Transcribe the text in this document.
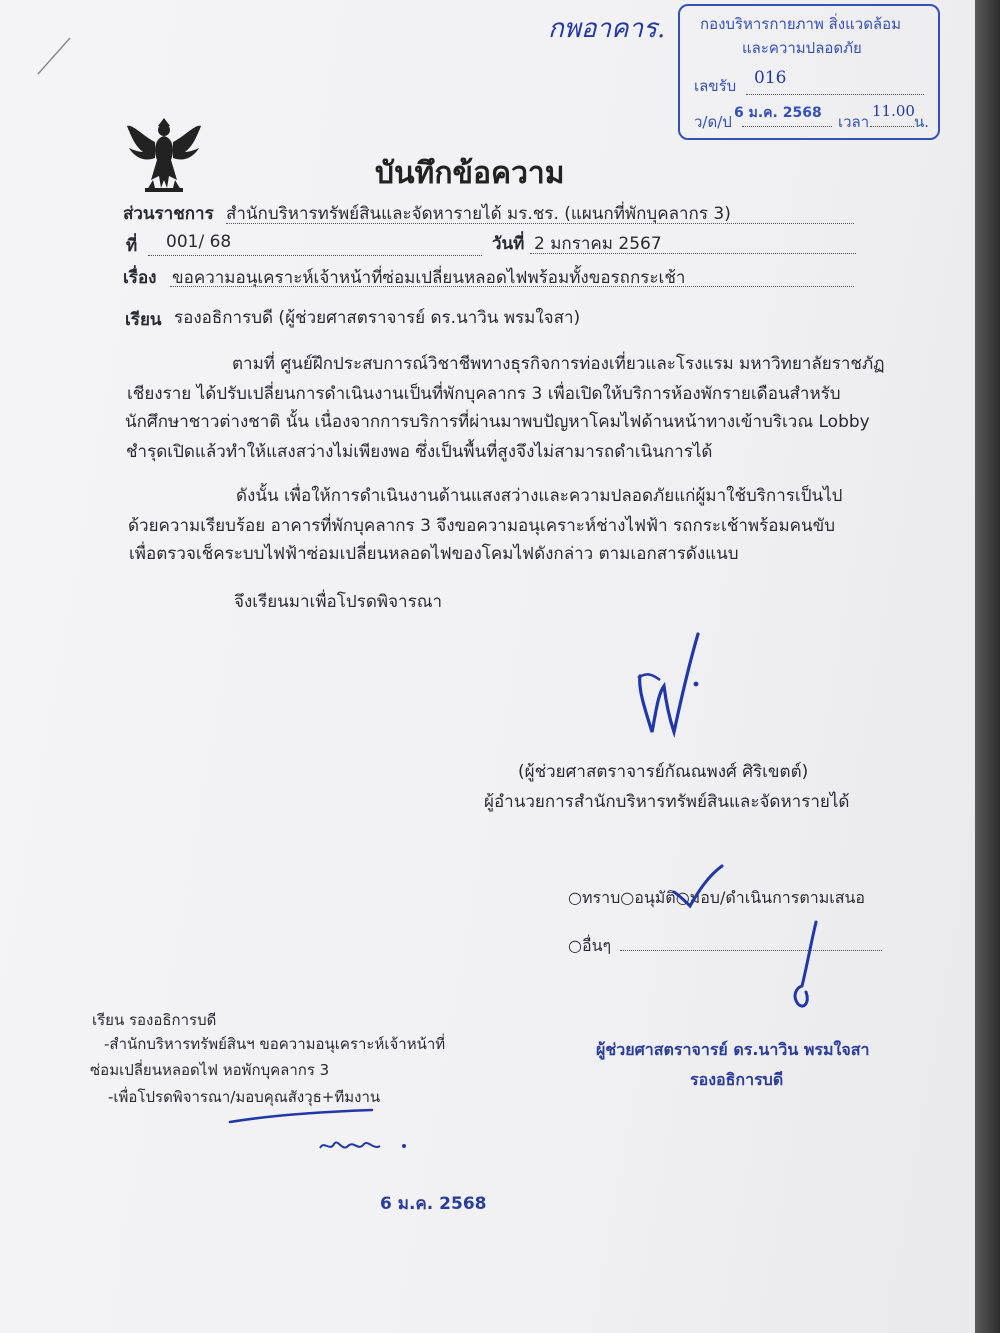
กพอาคาร. กองบริหารกายภาพ สิ่งแวดล้อม
และความปลอดภัย
เลขรับ 016
ว/ด/ป 6 ม.ค. 2568 เวลา
11.00
น.
บันทึกข้อความ
ส่วนราชการ สำนักบริหารทรัพย์สินและจัดหารายได้ มร.ชร. (แผนกที่พักบุคลากร 3)
ที่ 001/ 68	วันที่ 2 มกราคม 2567
เรื่อง ขอความอนุเคราะห์เจ้าหน้าที่ซ่อมเปลี่ยนหลอดไฟพร้อมทั้งขอรถกระเช้า
เรียน รองอธิการบดี (ผู้ช่วยศาสตราจารย์ ดร.นาวิน พรมใจสา)
ตามที่ ศูนย์ฝึกประสบการณ์วิชาชีพทางธุรกิจการท่องเที่ยวและโรงแรม มหาวิทยาลัยราชภัฏ
เชียงราย ได้ปรับเปลี่ยนการดำเนินงานเป็นที่พักบุคลากร 3 เพื่อเปิดให้บริการห้องพักรายเดือนสำหรับ
นักศึกษาชาวต่างชาติ นั้น เนื่องจากการบริการที่ผ่านมาพบปัญหาโคมไฟด้านหน้าทางเข้าบริเวณ Lobby
ชำรุดเปิดแล้วทำให้แสงสว่างไม่เพียงพอ ซึ่งเป็นพื้นที่สูงจึงไม่สามารถดำเนินการได้
ดังนั้น เพื่อให้การดำเนินงานด้านแสงสว่างและความปลอดภัยแก่ผู้มาใช้บริการเป็นไป
ด้วยความเรียบร้อย อาคารที่พักบุคลากร 3 จึงขอความอนุเคราะห์ช่างไฟฟ้า รถกระเช้าพร้อมคนขับ
เพื่อตรวจเช็คระบบไฟฟ้าซ่อมเปลี่ยนหลอดไฟของโคมไฟดังกล่าว ตามเอกสารดังแนบ
จึงเรียนมาเพื่อโปรดพิจารณา
(ผู้ช่วยศาสตราจารย์กัณณพงศ์ ศิริเขตต์)
ผู้อำนวยการสำนักบริหารทรัพย์สินและจัดหารายได้
○ทราบ○อนุมัติ○มอบ/ดำเนินการตามเสนอ
○อื่นๆ
ผู้ช่วยศาสตราจารย์ ดร.นาวิน พรมใจสา
รองอธิการบดี
เรียน รองอธิการบดี
-สำนักบริหารทรัพย์สินฯ ขอความอนุเคราะห์เจ้าหน้าที่
ซ่อมเปลี่ยนหลอดไฟ หอพักบุคลากร 3
-เพื่อโปรดพิจารณา/มอบคุณสังวุธ+ทีมงาน
6 ม.ค. 2568
